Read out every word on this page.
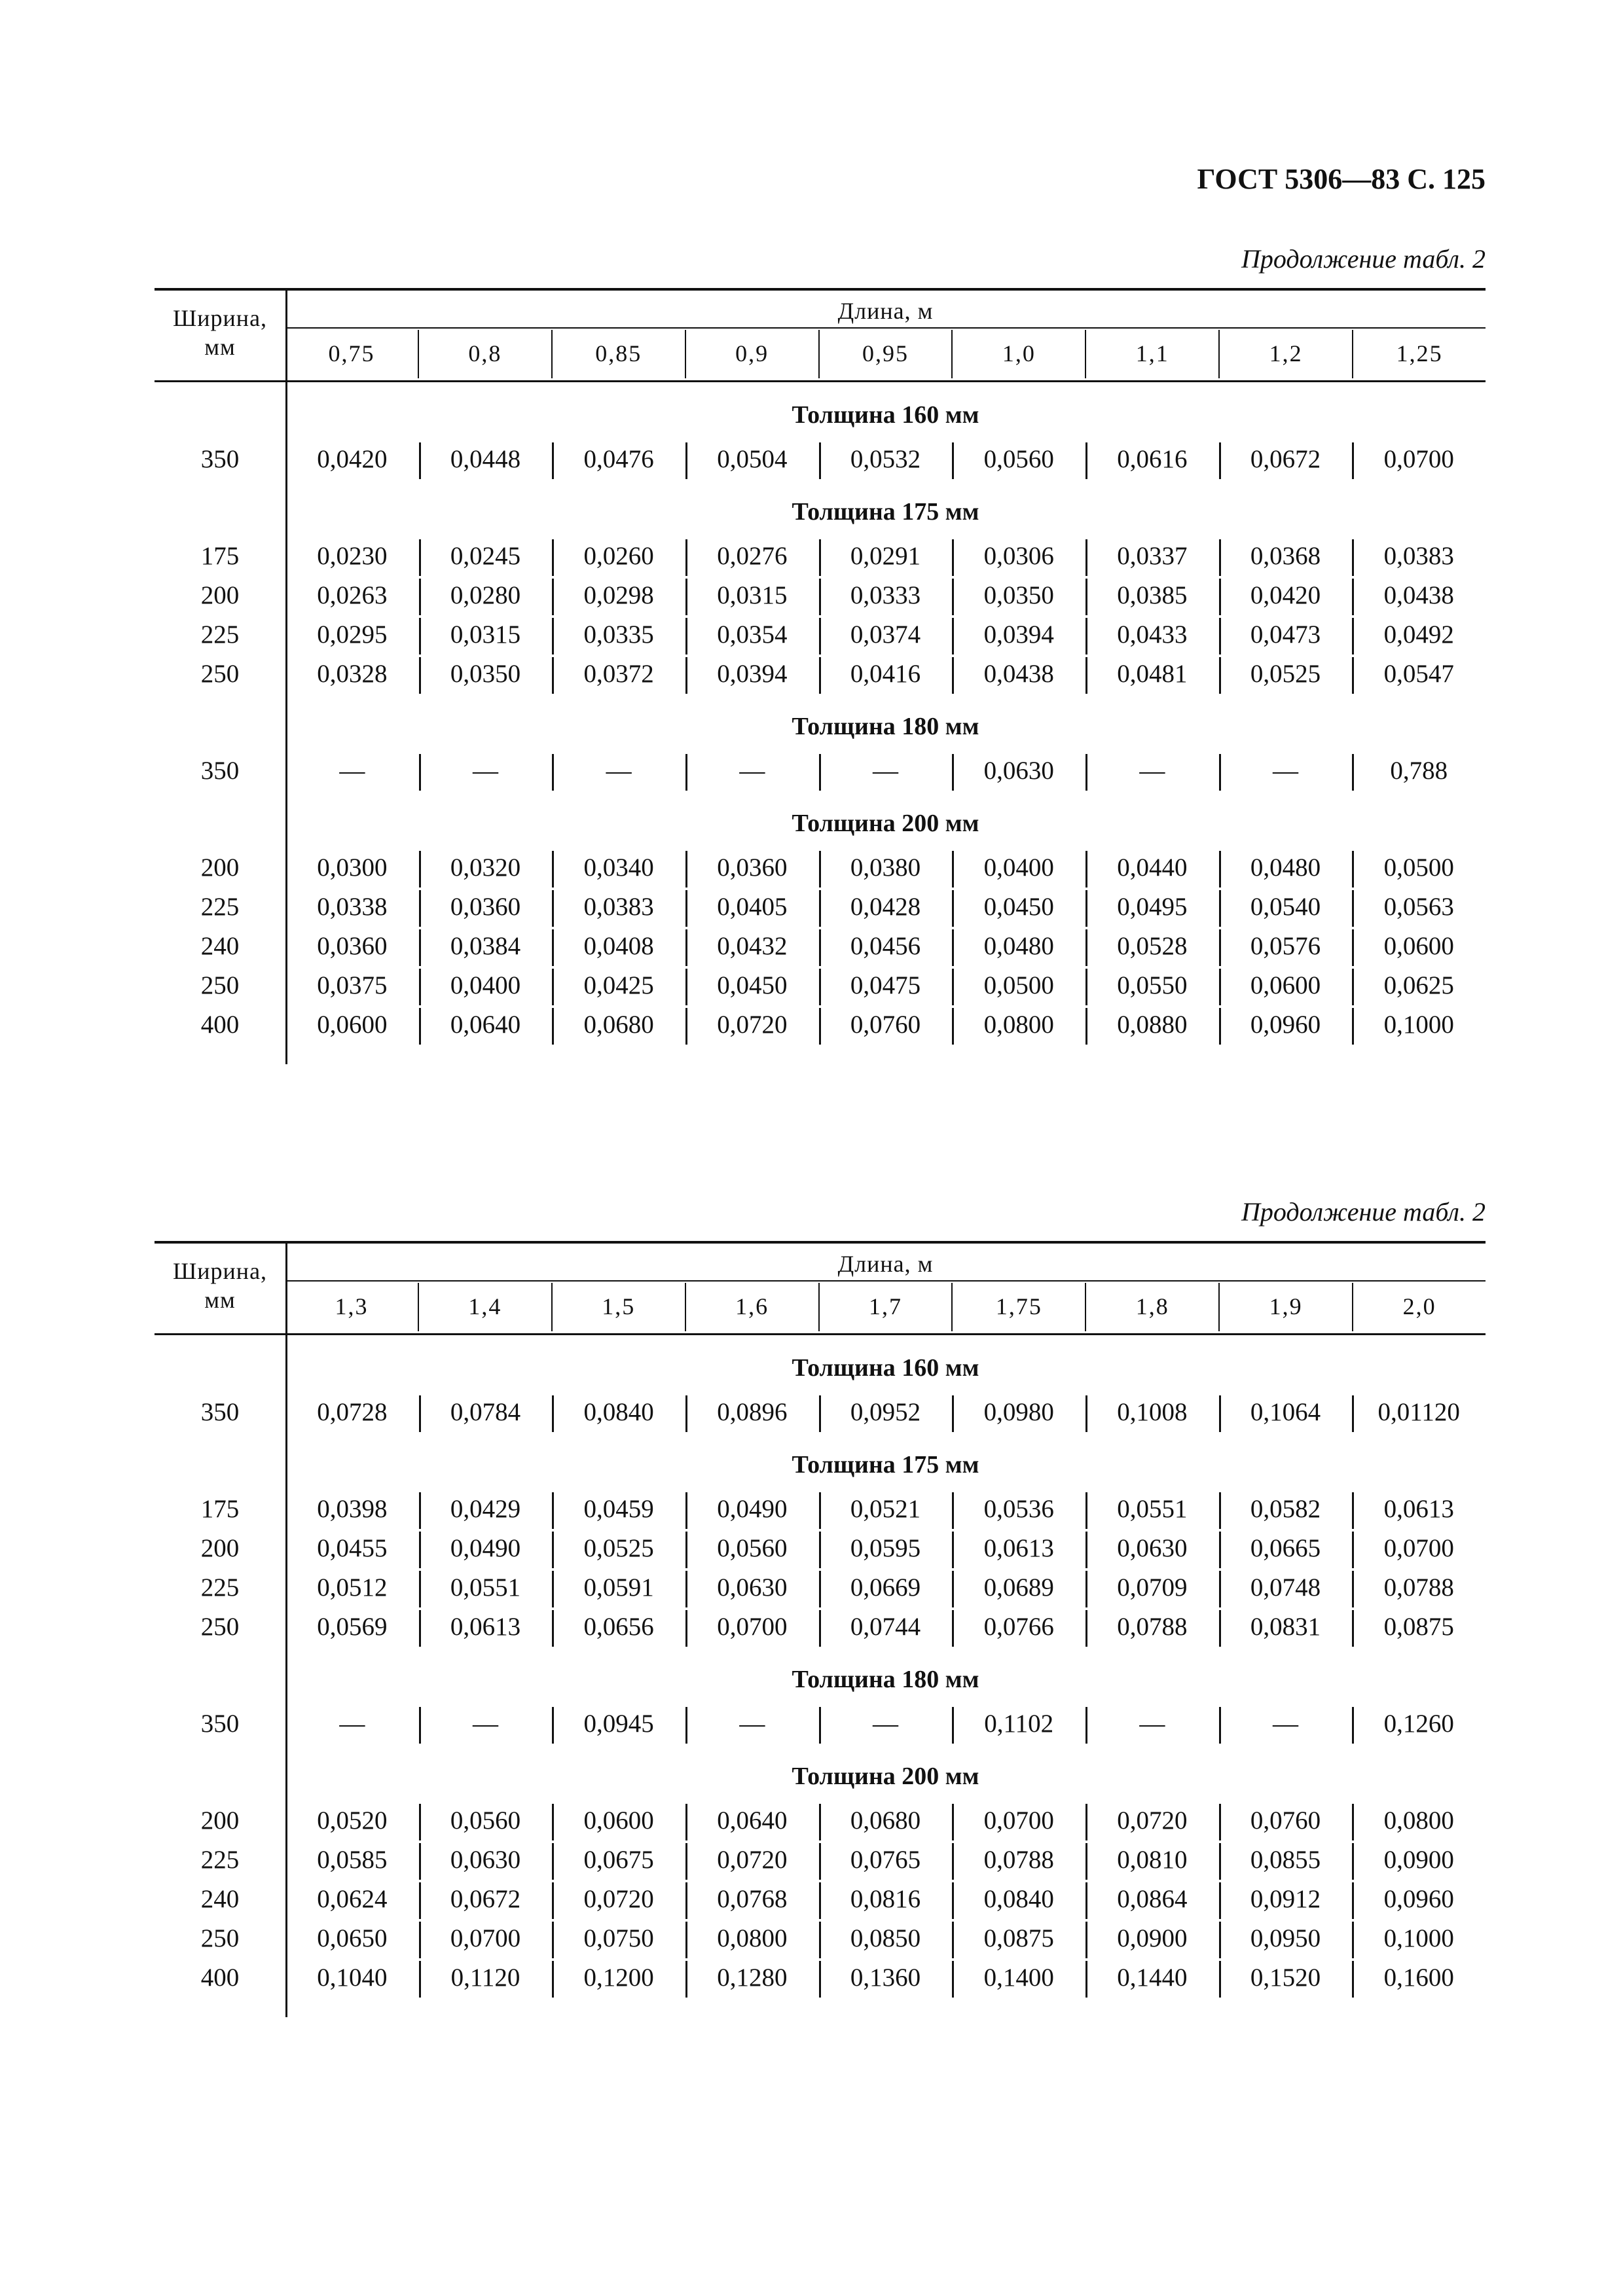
ГОСТ 5306—83 С. 125
Продолжение табл. 2
Ширина,
мм
Длина, м
0,75	0,8	0,85	0,9	0,95	1,0	1,1	1,2	1,25
Толщина 160 мм
350	0,0420	0,0448	0,0476	0,0504	0,0532	0,0560	0,0616	0,0672	0,0700
Толщина 175 мм
175	0,0230	0,0245	0,0260	0,0276	0,0291	0,0306	0,0337	0,0368	0,0383
200	0,0263	0,0280	0,0298	0,0315	0,0333	0,0350	0,0385	0,0420	0,0438
225	0,0295	0,0315	0,0335	0,0354	0,0374	0,0394	0,0433	0,0473	0,0492
250	0,0328	0,0350	0,0372	0,0394	0,0416	0,0438	0,0481	0,0525	0,0547
Толщина 180 мм
350	—	—	—	—	—	0,0630	—	—	0,788
Толщина 200 мм
200	0,0300	0,0320	0,0340	0,0360	0,0380	0,0400	0,0440	0,0480	0,0500
225	0,0338	0,0360	0,0383	0,0405	0,0428	0,0450	0,0495	0,0540	0,0563
240	0,0360	0,0384	0,0408	0,0432	0,0456	0,0480	0,0528	0,0576	0,0600
250	0,0375	0,0400	0,0425	0,0450	0,0475	0,0500	0,0550	0,0600	0,0625
400	0,0600	0,0640	0,0680	0,0720	0,0760	0,0800	0,0880	0,0960	0,1000
Продолжение табл. 2
Ширина,
мм
Длина, м
1,3	1,4	1,5	1,6	1,7	1,75	1,8	1,9	2,0
Толщина 160 мм
350	0,0728	0,0784	0,0840	0,0896	0,0952	0,0980	0,1008	0,1064	0,01120
Толщина 175 мм
175	0,0398	0,0429	0,0459	0,0490	0,0521	0,0536	0,0551	0,0582	0,0613
200	0,0455	0,0490	0,0525	0,0560	0,0595	0,0613	0,0630	0,0665	0,0700
225	0,0512	0,0551	0,0591	0,0630	0,0669	0,0689	0,0709	0,0748	0,0788
250	0,0569	0,0613	0,0656	0,0700	0,0744	0,0766	0,0788	0,0831	0,0875
Толщина 180 мм
350	—	—	0,0945	—	—	0,1102	—	—	0,1260
Толщина 200 мм
200	0,0520	0,0560	0,0600	0,0640	0,0680	0,0700	0,0720	0,0760	0,0800
225	0,0585	0,0630	0,0675	0,0720	0,0765	0,0788	0,0810	0,0855	0,0900
240	0,0624	0,0672	0,0720	0,0768	0,0816	0,0840	0,0864	0,0912	0,0960
250	0,0650	0,0700	0,0750	0,0800	0,0850	0,0875	0,0900	0,0950	0,1000
400	0,1040	0,1120	0,1200	0,1280	0,1360	0,1400	0,1440	0,1520	0,1600
